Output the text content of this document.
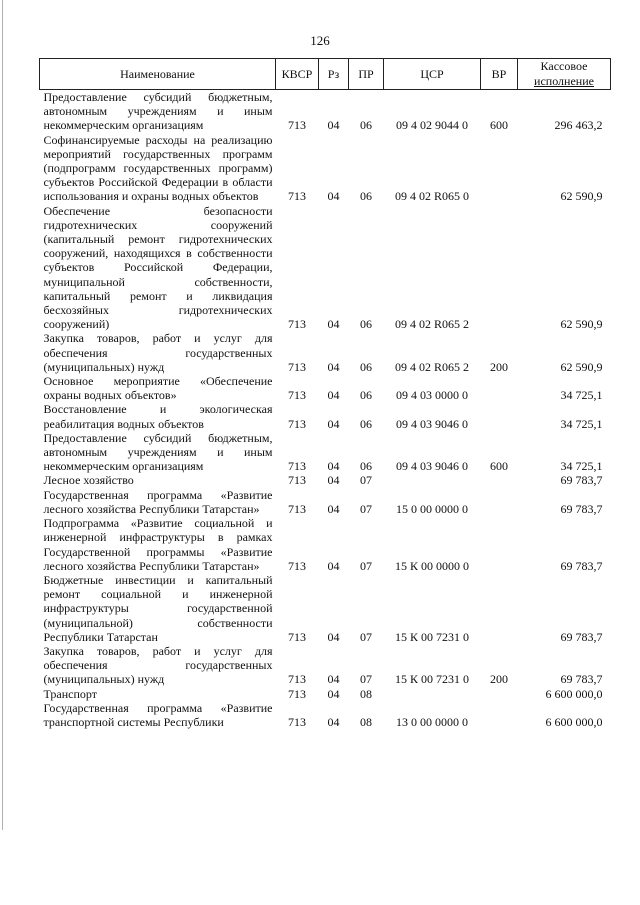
126
Наименование	КВСР	Рз	ПР	ЦСР	ВР	Кассовое
исполнение

Предоставление субсидий бюджетным, автономным учреждениям и иным некоммерческим организациям	713	04	06	09 4 02 9044 0	600	296 463,2
Софинансируемые расходы на реализацию мероприятий государственных программ (подпрограмм государственных программ) субъектов Российской Федерации в области использования и охраны водных объектов	713	04	06	09 4 02 R065 0		62 590,9
Обеспечение безопасности гидротехнических сооружений (капитальный ремонт гидротехнических сооружений, находящихся в собственности субъектов Российской Федерации, муниципальной собственности, капитальный ремонт и ликвидация бесхозяйных гидротехнических сооружений)	713	04	06	09 4 02 R065 2		62 590,9
Закупка товаров, работ и услуг для обеспечения государственных (муниципальных) нужд	713	04	06	09 4 02 R065 2	200	62 590,9
Основное мероприятие «Обеспечение охраны водных объектов»	713	04	06	09 4 03 0000 0		34 725,1
Восстановление и экологическая реабилитация водных объектов	713	04	06	09 4 03 9046 0		34 725,1
Предоставление субсидий бюджетным, автономным учреждениям и иным некоммерческим организациям	713	04	06	09 4 03 9046 0	600	34 725,1
Лесное хозяйство	713	04	07			69 783,7
Государственная программа «Развитие лесного хозяйства Республики Татарстан»	713	04	07	15 0 00 0000 0		69 783,7
Подпрограмма «Развитие социальной и инженерной инфраструктуры в рамках Государственной программы «Развитие лесного хозяйства Республики Татарстан»	713	04	07	15 К 00 0000 0		69 783,7
Бюджетные инвестиции и капитальный ремонт социальной и инженерной инфраструктуры государственной (муниципальной) собственности Республики Татарстан	713	04	07	15 К 00 7231 0		69 783,7
Закупка товаров, работ и услуг для обеспечения государственных (муниципальных) нужд	713	04	07	15 К 00 7231 0	200	69 783,7
Транспорт	713	04	08			6 600 000,0
Государственная программа «Развитие транспортной системы Республики	713	04	08	13 0 00 0000 0		6 600 000,0
